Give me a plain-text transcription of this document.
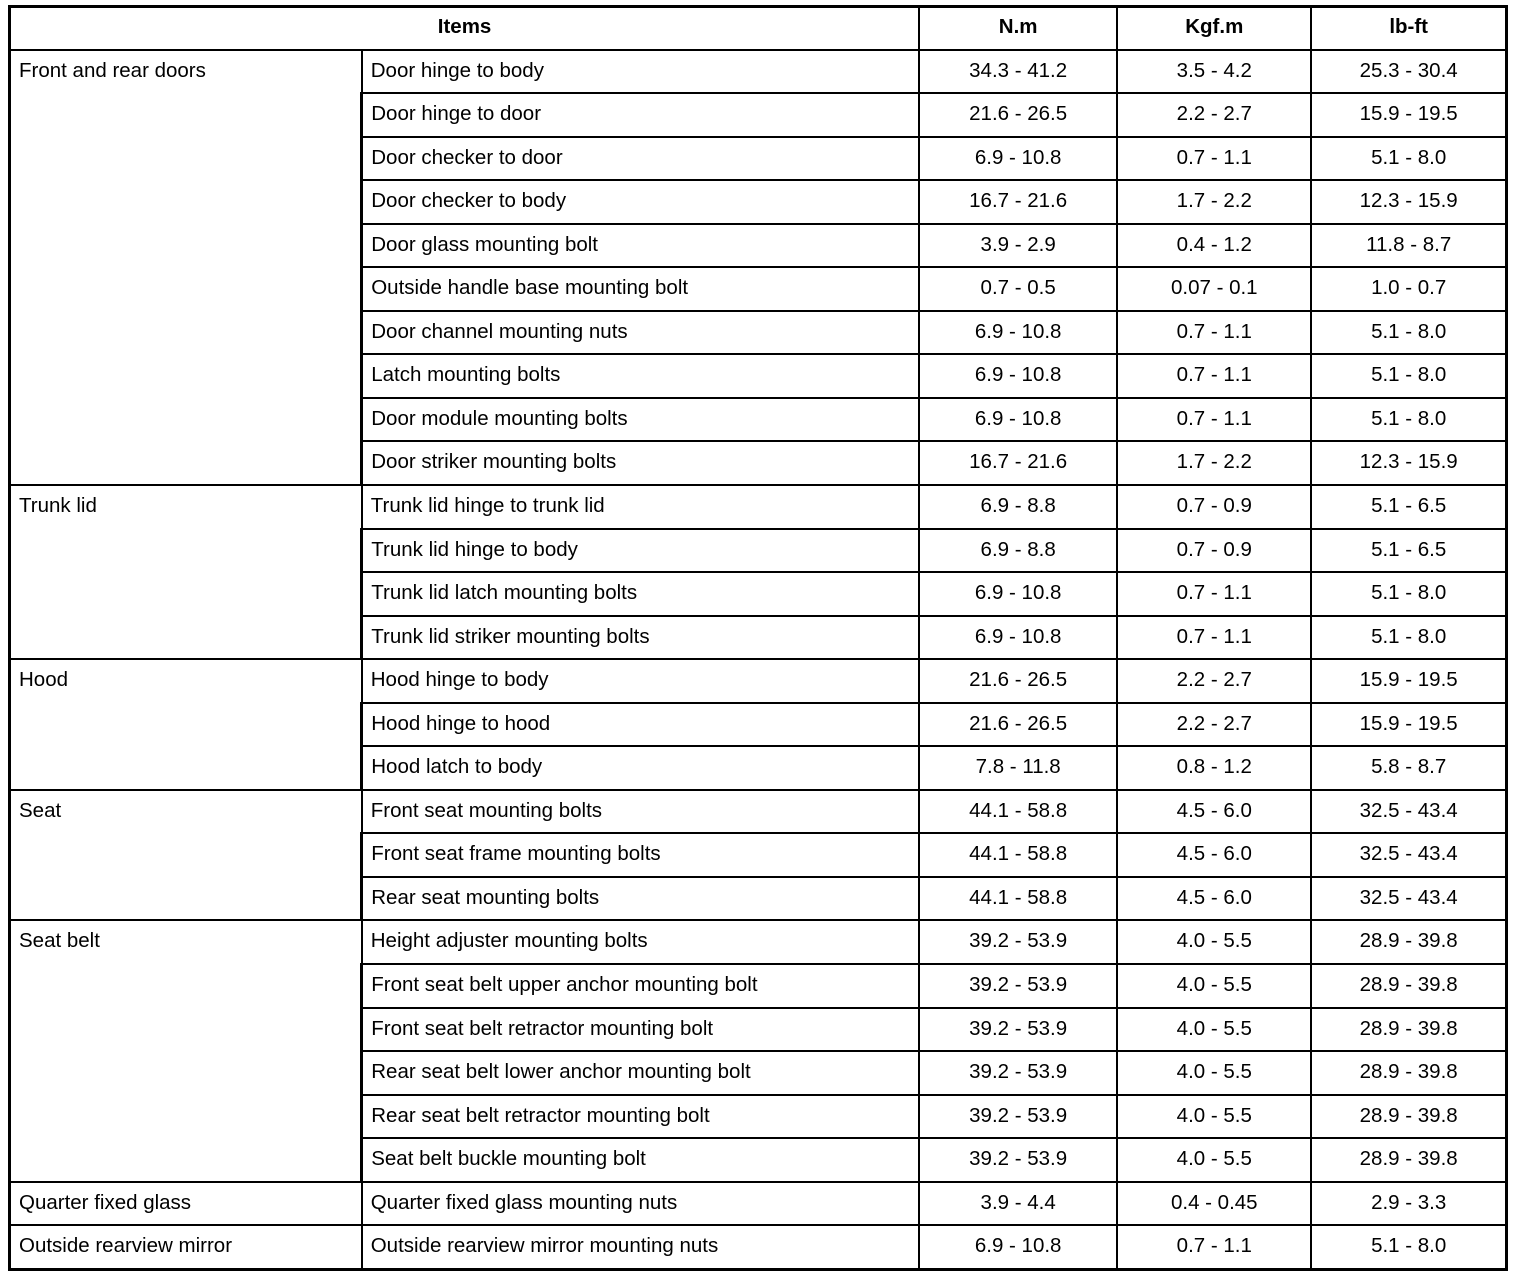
Items		N.m	Kgf.m	lb-ft
Front and rear doors	Door hinge to body	34.3 - 41.2	3.5 - 4.2	25.3 - 30.4
	Door hinge to door	21.6 - 26.5	2.2 - 2.7	15.9 - 19.5
	Door checker to door	6.9 - 10.8	0.7 - 1.1	5.1 - 8.0
	Door checker to body	16.7 - 21.6	1.7 - 2.2	12.3 - 15.9
	Door glass mounting bolt	3.9 - 2.9	0.4 - 1.2	11.8 - 8.7
	Outside handle base mounting bolt	0.7 - 0.5	0.07 - 0.1	1.0 - 0.7
	Door channel mounting nuts	6.9 - 10.8	0.7 - 1.1	5.1 - 8.0
	Latch mounting bolts	6.9 - 10.8	0.7 - 1.1	5.1 - 8.0
	Door module mounting bolts	6.9 - 10.8	0.7 - 1.1	5.1 - 8.0
	Door striker mounting bolts	16.7 - 21.6	1.7 - 2.2	12.3 - 15.9
Trunk lid	Trunk lid hinge to trunk lid	6.9 - 8.8	0.7 - 0.9	5.1 - 6.5
	Trunk lid hinge to body	6.9 - 8.8	0.7 - 0.9	5.1 - 6.5
	Trunk lid latch mounting bolts	6.9 - 10.8	0.7 - 1.1	5.1 - 8.0
	Trunk lid striker mounting bolts	6.9 - 10.8	0.7 - 1.1	5.1 - 8.0
Hood	Hood hinge to body	21.6 - 26.5	2.2 - 2.7	15.9 - 19.5
	Hood hinge to hood	21.6 - 26.5	2.2 - 2.7	15.9 - 19.5
	Hood latch to body	7.8 - 11.8	0.8 - 1.2	5.8 - 8.7
Seat	Front seat mounting bolts	44.1 - 58.8	4.5 - 6.0	32.5 - 43.4
	Front seat frame mounting bolts	44.1 - 58.8	4.5 - 6.0	32.5 - 43.4
	Rear seat mounting bolts	44.1 - 58.8	4.5 - 6.0	32.5 - 43.4
Seat belt	Height adjuster mounting bolts	39.2 - 53.9	4.0 - 5.5	28.9 - 39.8
	Front seat belt upper anchor mounting bolt	39.2 - 53.9	4.0 - 5.5	28.9 - 39.8
	Front seat belt retractor mounting bolt	39.2 - 53.9	4.0 - 5.5	28.9 - 39.8
	Rear seat belt lower anchor mounting bolt	39.2 - 53.9	4.0 - 5.5	28.9 - 39.8
	Rear seat belt retractor mounting bolt	39.2 - 53.9	4.0 - 5.5	28.9 - 39.8
	Seat belt buckle mounting bolt	39.2 - 53.9	4.0 - 5.5	28.9 - 39.8
Quarter fixed glass	Quarter fixed glass mounting nuts	3.9 - 4.4	0.4 - 0.45	2.9 - 3.3
Outside rearview mirror	Outside rearview mirror mounting nuts	6.9 - 10.8	0.7 - 1.1	5.1 - 8.0
